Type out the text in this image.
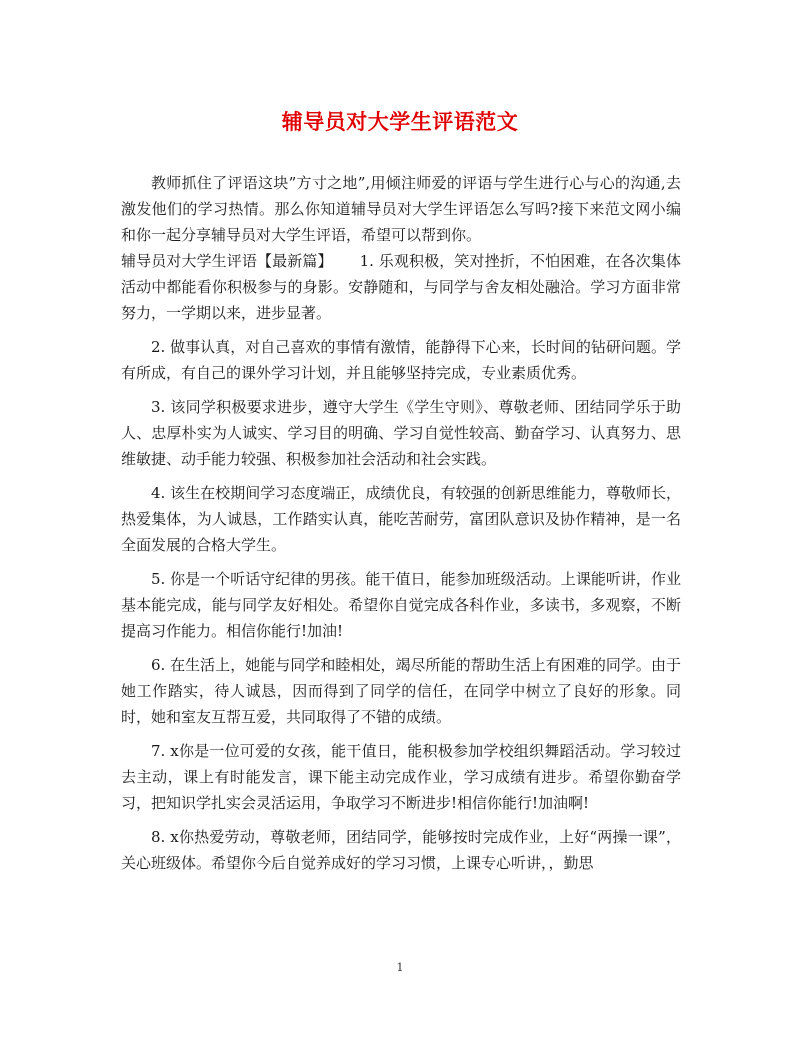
辅导员对大学生评语范文

教师抓住了评语这块”方寸之地”,用倾注师爱的评语与学生进行心与心的沟通,去激发他们的学习热情。那么你知道辅导员对大学生评语怎么写吗?接下来范文网小编和你一起分享辅导员对大学生评语，希望可以帮到你。

辅导员对大学生评语【最新篇】 1. 乐观积极，笑对挫折，不怕困难，在各次集体活动中都能看你积极参与的身影。安静随和，与同学与舍友相处融洽。学习方面非常努力，一学期以来，进步显著。

2. 做事认真，对自己喜欢的事情有激情，能静得下心来，长时间的钻研问题。学有所成，有自己的课外学习计划，并且能够坚持完成，专业素质优秀。

3. 该同学积极要求进步，遵守大学生《学生守则》、尊敬老师、团结同学乐于助人、忠厚朴实为人诚实、学习目的明确、学习自觉性较高、勤奋学习、认真努力、思维敏捷、动手能力较强、积极参加社会活动和社会实践。

4. 该生在校期间学习态度端正，成绩优良，有较强的创新思维能力，尊敬师长，热爱集体，为人诚恳，工作踏实认真，能吃苦耐劳，富团队意识及协作精神，是一名全面发展的合格大学生。

5. 你是一个听话守纪律的男孩。能干值日，能参加班级活动。上课能听讲，作业基本能完成，能与同学友好相处。希望你自觉完成各科作业，多读书，多观察，不断提高习作能力。相信你能行!加油!

6. 在生活上，她能与同学和睦相处，竭尽所能的帮助生活上有困难的同学。由于她工作踏实，待人诚恳，因而得到了同学的信任，在同学中树立了良好的形象。同时，她和室友互帮互爱，共同取得了不错的成绩。

7. x你是一位可爱的女孩，能干值日，能积极参加学校组织舞蹈活动。学习较过去主动，课上有时能发言，课下能主动完成作业，学习成绩有进步。希望你勤奋学习，把知识学扎实会灵活运用，争取学习不断进步!相信你能行!加油啊!

8. x你热爱劳动，尊敬老师，团结同学，能够按时完成作业，上好“两操一课”，关心班级体。希望你今后自觉养成好的学习习惯，上课专心听讲，，勤思

1
